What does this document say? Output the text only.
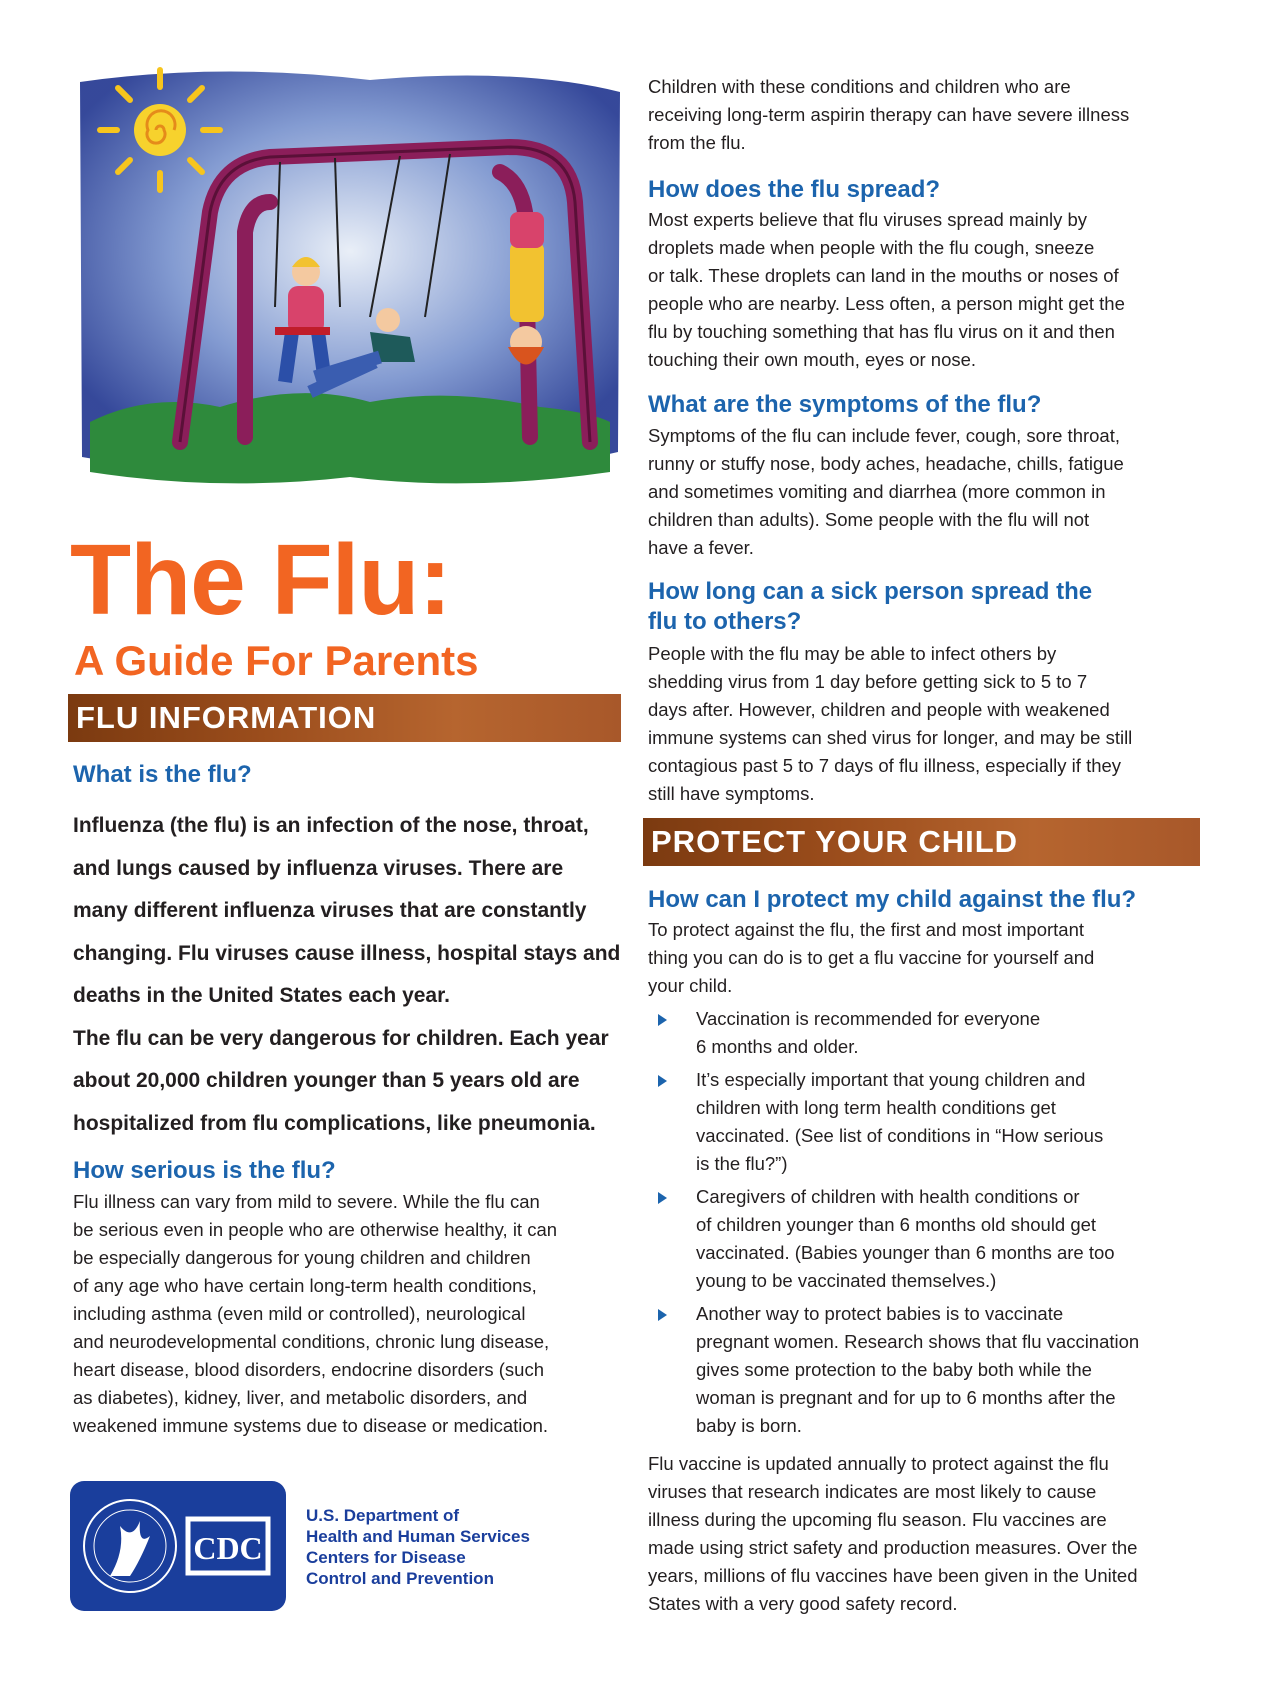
The Flu:
A Guide For Parents
FLU INFORMATION
What is the flu?
Influenza (the flu) is an infection of the nose, throat,
and lungs caused by influenza viruses. There are
many different influenza viruses that are constantly
changing. Flu viruses cause illness, hospital stays and
deaths in the United States each year.
The flu can be very dangerous for children. Each year
about 20,000 children younger than 5 years old are
hospitalized from flu complications, like pneumonia.
How serious is the flu?
Flu illness can vary from mild to severe. While the flu can
be serious even in people who are otherwise healthy, it can
be especially dangerous for young children and children
of any age who have certain long-term health conditions,
including asthma (even mild or controlled), neurological
and neurodevelopmental conditions, chronic lung disease,
heart disease, blood disorders, endocrine disorders (such
as diabetes), kidney, liver, and metabolic disorders, and
weakened immune systems due to disease or medication.
CDC
U.S. Department of
Health and Human Services
Centers for Disease
Control and Prevention
Children with these conditions and children who are
receiving long-term aspirin therapy can have severe illness
from the flu.
How does the flu spread?
Most experts believe that flu viruses spread mainly by
droplets made when people with the flu cough, sneeze
or talk. These droplets can land in the mouths or noses of
people who are nearby. Less often, a person might get the
flu by touching something that has flu virus on it and then
touching their own mouth, eyes or nose.
What are the symptoms of the flu?
Symptoms of the flu can include fever, cough, sore throat,
runny or stuffy nose, body aches, headache, chills, fatigue
and sometimes vomiting and diarrhea (more common in
children than adults). Some people with the flu will not
have a fever.
How long can a sick person spread the
flu to others?
People with the flu may be able to infect others by
shedding virus from 1 day before getting sick to 5 to 7
days after. However, children and people with weakened
immune systems can shed virus for longer, and may be still
contagious past 5 to 7 days of flu illness, especially if they
still have symptoms.
PROTECT YOUR CHILD
How can I protect my child against the flu?
To protect against the flu, the first and most important
thing you can do is to get a flu vaccine for yourself and
your child.
Vaccination is recommended for everyone
6 months and older.
It’s especially important that young children and
children with long term health conditions get
vaccinated. (See list of conditions in “How serious
is the flu?”)
Caregivers of children with health conditions or
of children younger than 6 months old should get
vaccinated. (Babies younger than 6 months are too
young to be vaccinated themselves.)
Another way to protect babies is to vaccinate
pregnant women. Research shows that flu vaccination
gives some protection to the baby both while the
woman is pregnant and for up to 6 months after the
baby is born.
Flu vaccine is updated annually to protect against the flu
viruses that research indicates are most likely to cause
illness during the upcoming flu season. Flu vaccines are
made using strict safety and production measures. Over the
years, millions of flu vaccines have been given in the United
States with a very good safety record.
